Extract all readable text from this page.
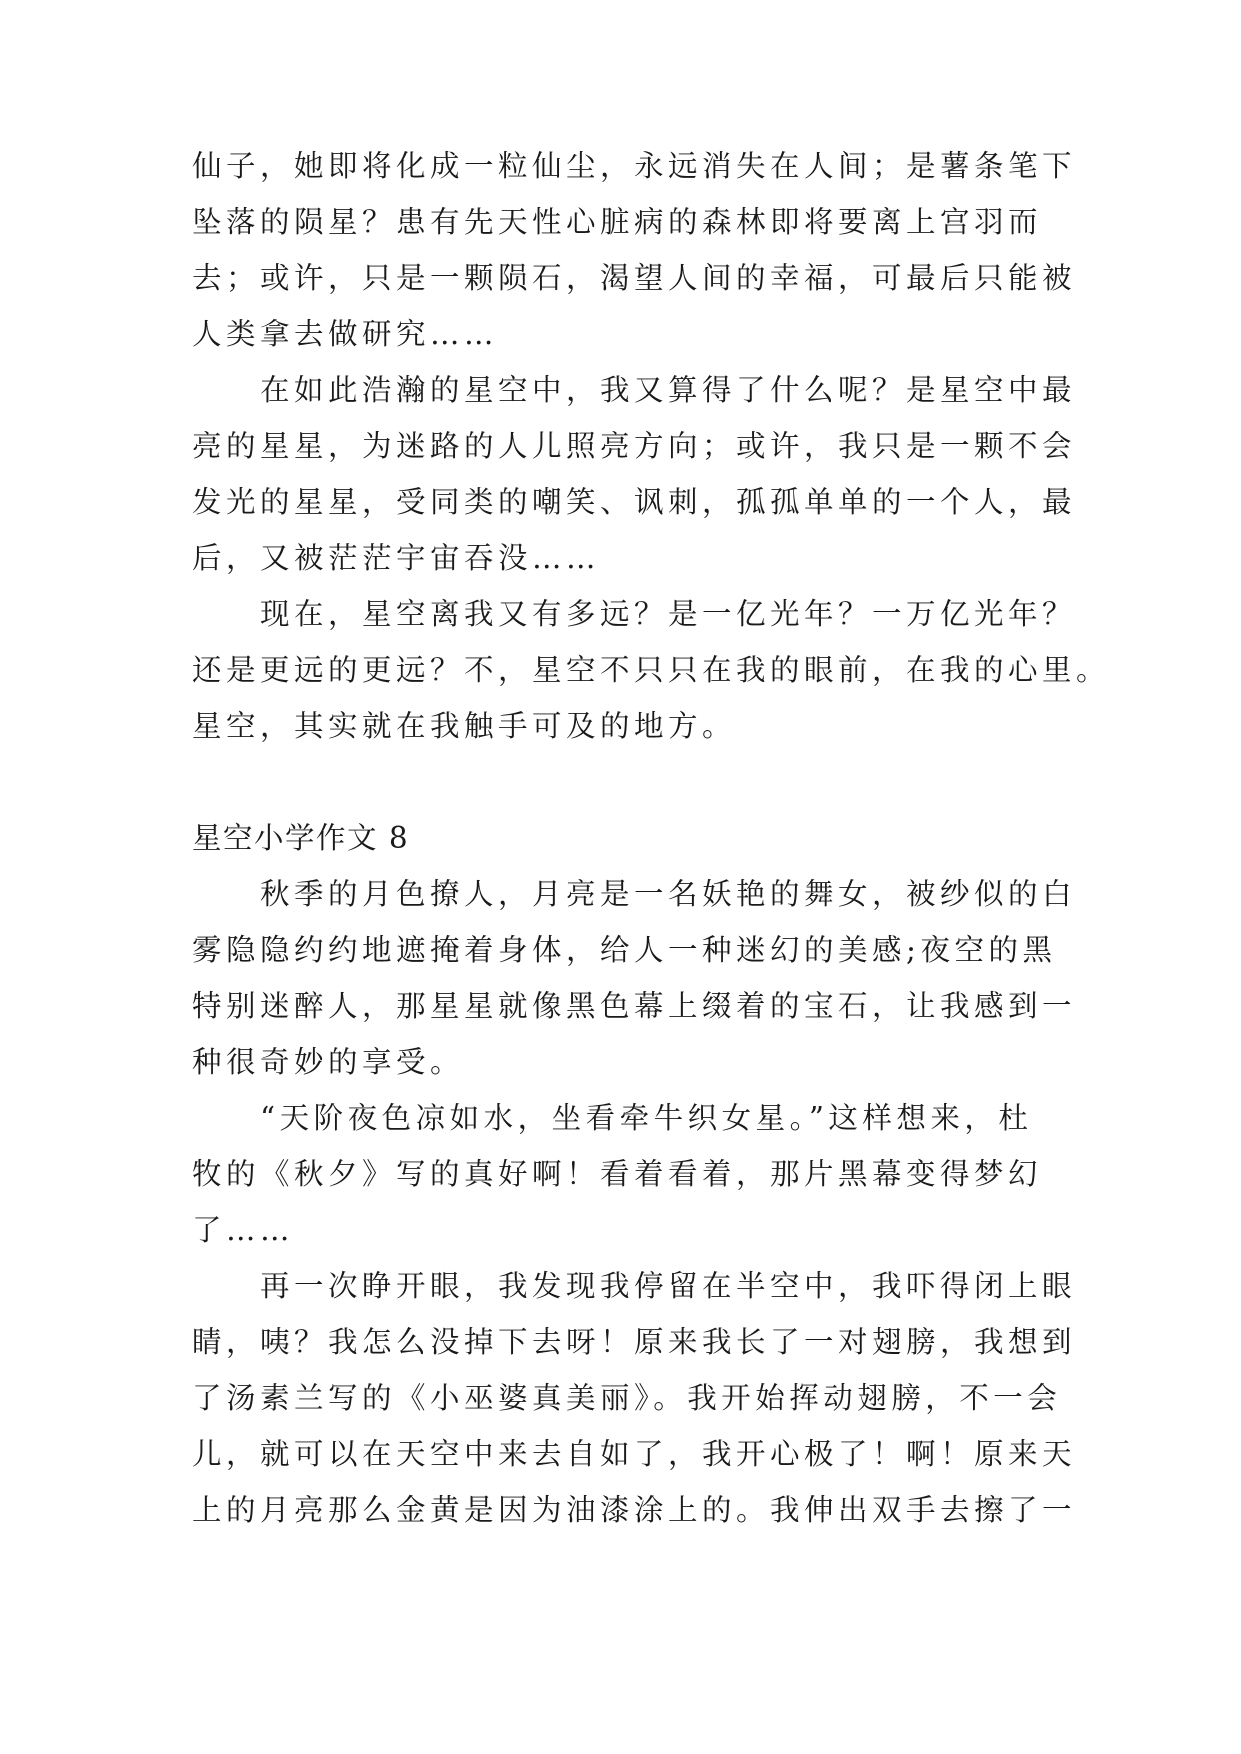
仙子，她即将化成一粒仙尘，永远消失在人间；是薯条笔下
坠落的陨星？患有先天性心脏病的森林即将要离上宫羽而
去；或许，只是一颗陨石，渴望人间的幸福，可最后只能被
人类拿去做研究……
　　在如此浩瀚的星空中，我又算得了什么呢？是星空中最
亮的星星，为迷路的人儿照亮方向；或许，我只是一颗不会
发光的星星，受同类的嘲笑、讽刺，孤孤单单的一个人，最
后，又被茫茫宇宙吞没……
　　现在，星空离我又有多远？是一亿光年？一万亿光年？
还是更远的更远？不，星空不只只在我的眼前，在我的心里。
星空，其实就在我触手可及的地方。
星空小学作文 8
　　秋季的月色撩人，月亮是一名妖艳的舞女，被纱似的白
雾隐隐约约地遮掩着身体，给人一种迷幻的美感;夜空的黑
特别迷醉人，那星星就像黑色幕上缀着的宝石，让我感到一
种很奇妙的享受。
　　“天阶夜色凉如水，坐看牵牛织女星。”这样想来，杜
牧的《秋夕》写的真好啊！看着看着，那片黑幕变得梦幻
了……
　　再一次睁开眼，我发现我停留在半空中，我吓得闭上眼
睛，咦？我怎么没掉下去呀！原来我长了一对翅膀，我想到
了汤素兰写的《小巫婆真美丽》。我开始挥动翅膀，不一会
儿，就可以在天空中来去自如了，我开心极了！啊！原来天
上的月亮那么金黄是因为油漆涂上的。我伸出双手去擦了一
